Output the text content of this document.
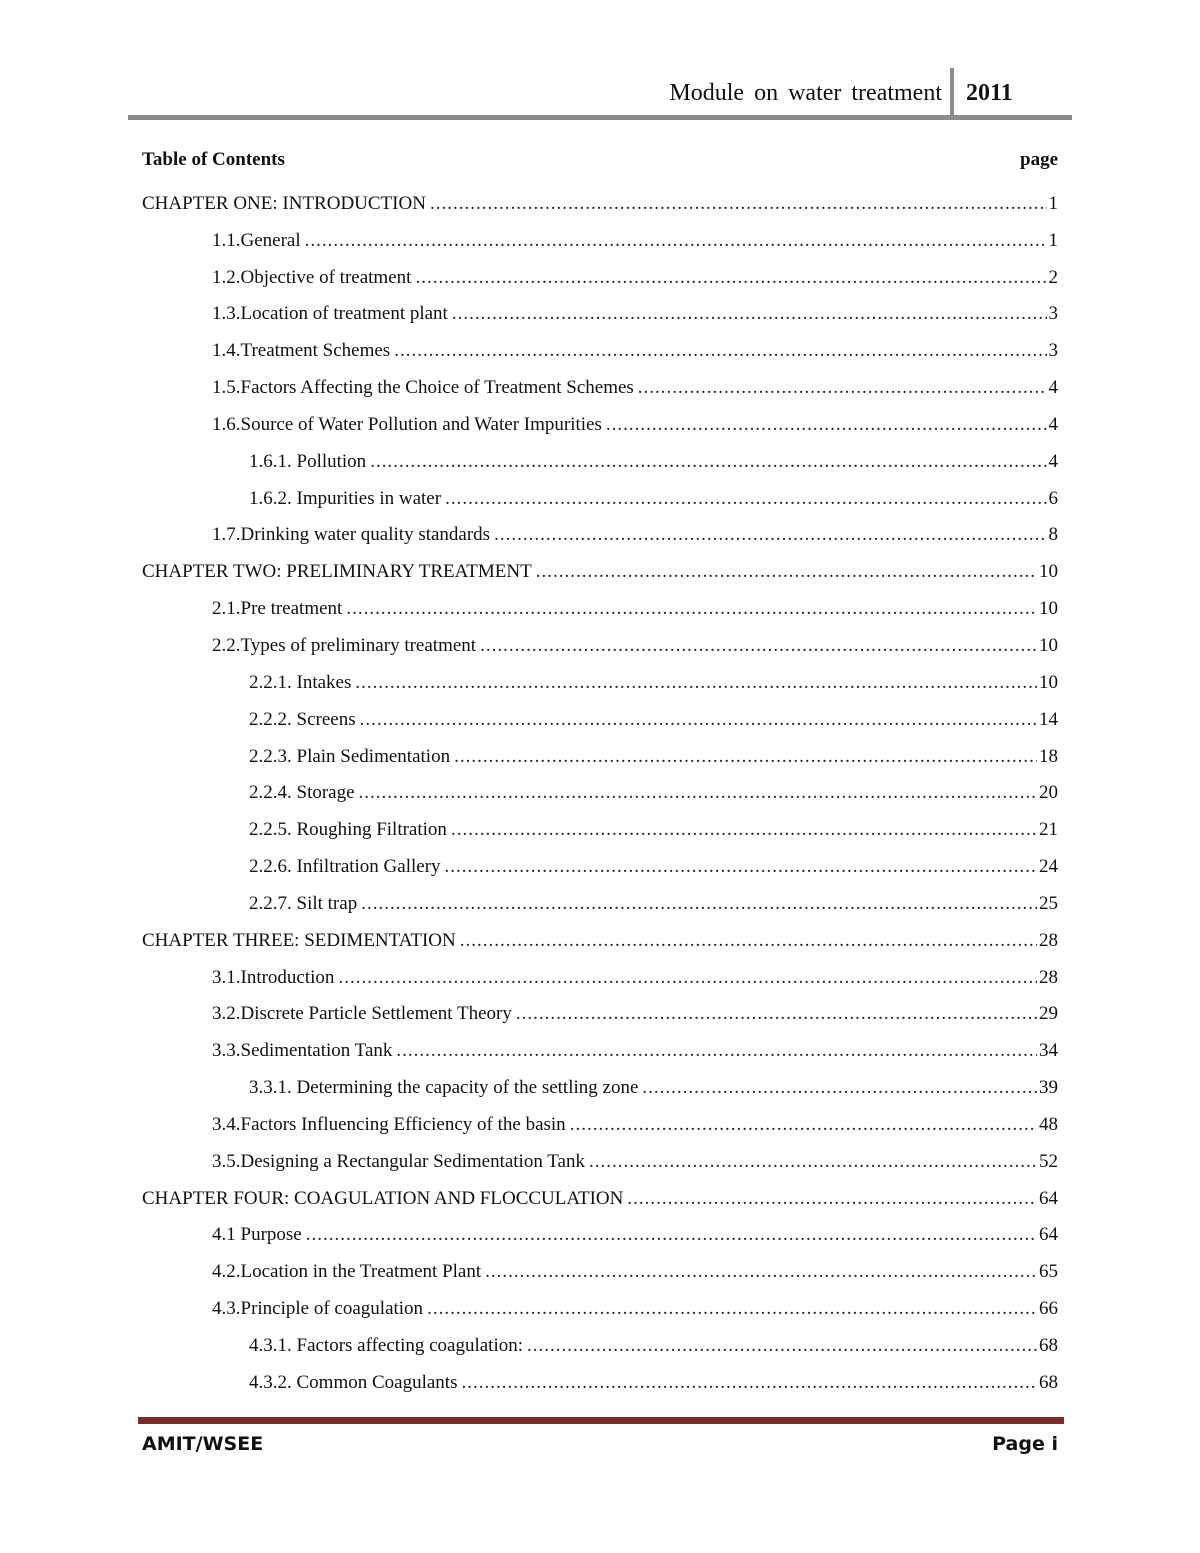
Module on water treatment 2011
Table of Contents	page
CHAPTER ONE: INTRODUCTION .....	1
1.1.General .....	1
1.2.Objective of treatment .....	2
1.3.Location of treatment plant .....	3
1.4.Treatment Schemes .....	3
1.5.Factors Affecting the Choice of Treatment Schemes .....	4
1.6.Source of Water Pollution and Water Impurities .....	4
1.6.1. Pollution .....	4
1.6.2. Impurities in water .....	6
1.7.Drinking water quality standards .....	8
CHAPTER TWO: PRELIMINARY TREATMENT .....	10
2.1.Pre treatment .....	10
2.2.Types of preliminary treatment .....	10
2.2.1. Intakes .....	10
2.2.2. Screens .....	14
2.2.3. Plain Sedimentation .....	18
2.2.4. Storage .....	20
2.2.5. Roughing Filtration .....	21
2.2.6. Infiltration Gallery .....	24
2.2.7. Silt trap .....	25
CHAPTER THREE: SEDIMENTATION .....	28
3.1.Introduction .....	28
3.2.Discrete Particle Settlement Theory .....	29
3.3.Sedimentation Tank .....	34
3.3.1. Determining the capacity of the settling zone .....	39
3.4.Factors Influencing Efficiency of the basin .....	48
3.5.Designing a Rectangular Sedimentation Tank .....	52
CHAPTER FOUR: COAGULATION AND FLOCCULATION .....	64
4.1 Purpose .....	64
4.2.Location in the Treatment Plant .....	65
4.3.Principle of coagulation .....	66
4.3.1. Factors affecting coagulation: .....	68
4.3.2. Common Coagulants .....	68
AMIT/WSEE	Page i
